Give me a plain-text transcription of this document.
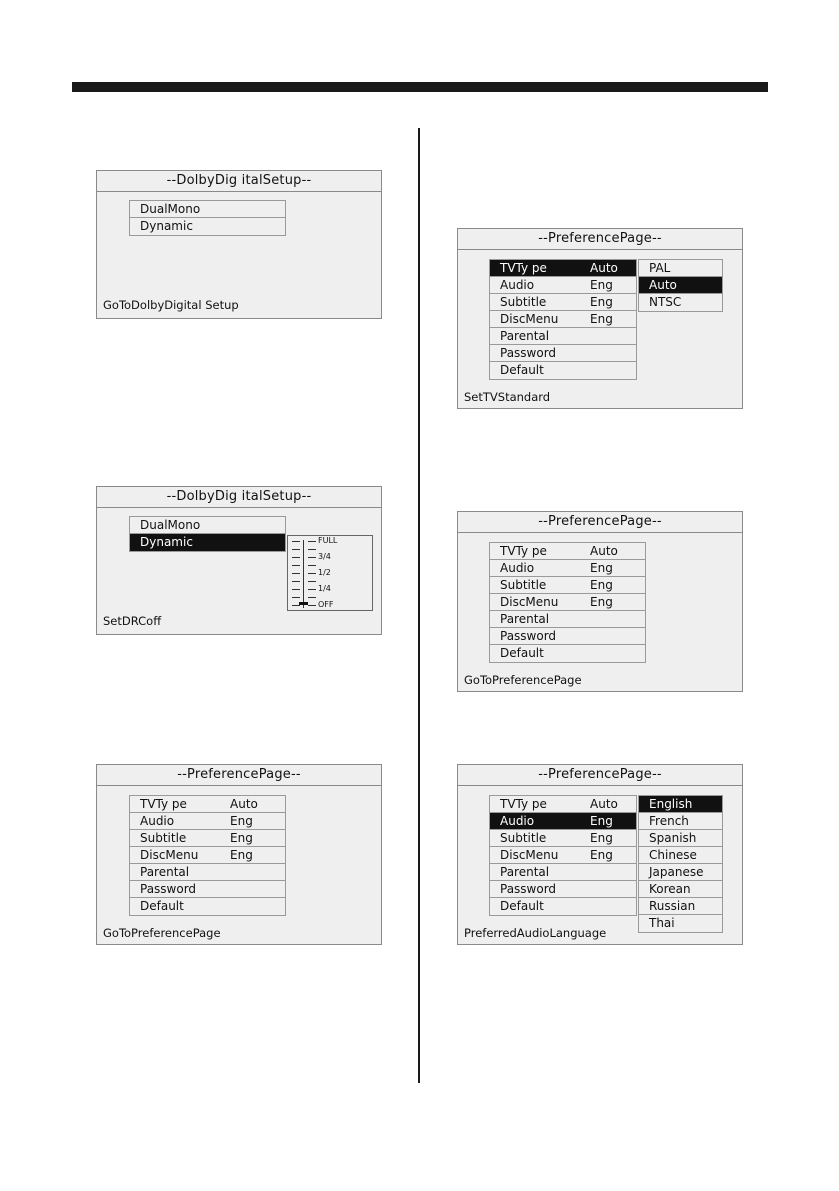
--DolbyDig italSetup--
DualMono
Dynamic
GoToDolbyDigital Setup
--DolbyDig italSetup--
DualMono
Dynamic	FULL
3/4
1/2
1/4
OFF
SetDRCoff
--PreferencePage--
TVTy pe	Auto
Audio	Eng
Subtitle	Eng
DiscMenu	Eng
Parental
Password
Default
GoToPreferencePage
--PreferencePage--
TVTy pe	Auto
Audio	Eng
Subtitle	Eng
DiscMenu	Eng
Parental
Password
Default
PAL
Auto
NTSC
SetTVStandard
--PreferencePage--
TVTy pe	Auto
Audio	Eng
Subtitle	Eng
DiscMenu	Eng
Parental
Password
Default
GoToPreferencePage
--PreferencePage--
TVTy pe	Auto
Audio	Eng
Subtitle	Eng
DiscMenu	Eng
Parental
Password
Default
English
French
Spanish
Chinese
Japanese
Korean
Russian
Thai
PreferredAudioLanguage
